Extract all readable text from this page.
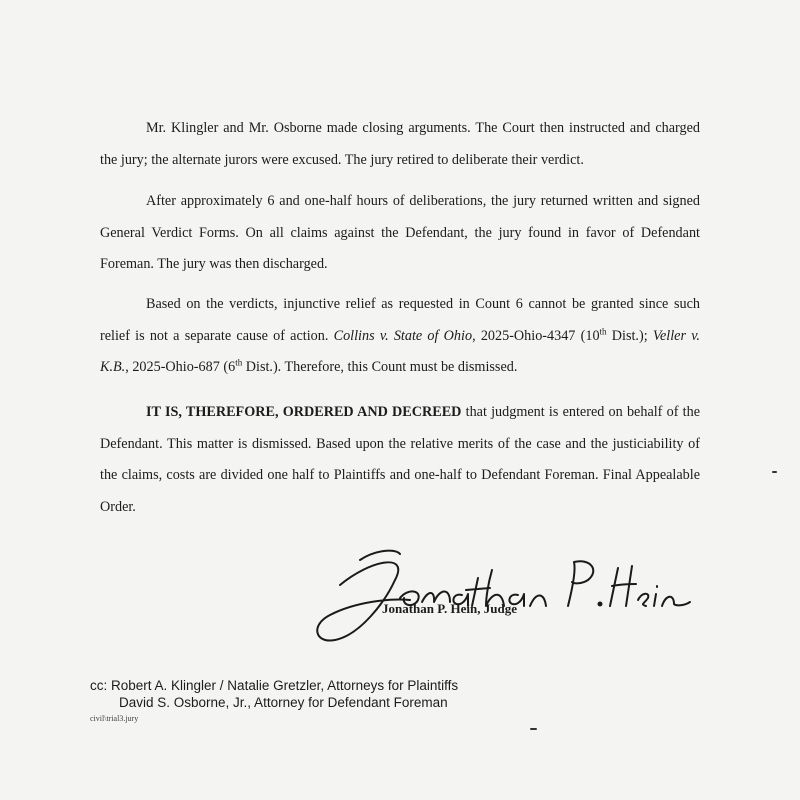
Mr. Klingler and Mr. Osborne made closing arguments. The Court then instructed and charged the jury; the alternate jurors were excused. The jury retired to deliberate their verdict.

After approximately 6 and one-half hours of deliberations, the jury returned written and signed General Verdict Forms. On all claims against the Defendant, the jury found in favor of Defendant Foreman. The jury was then discharged.

Based on the verdicts, injunctive relief as requested in Count 6 cannot be granted since such relief is not a separate cause of action. Collins v. State of Ohio, 2025-Ohio-4347 (10th Dist.); Veller v. K.B., 2025-Ohio-687 (6th Dist.). Therefore, this Count must be dismissed.

IT IS, THEREFORE, ORDERED AND DECREED that judgment is entered on behalf of the Defendant. This matter is dismissed. Based upon the relative merits of the case and the justiciability of the claims, costs are divided one half to Plaintiffs and one-half to Defendant Foreman. Final Appealable Order.

Jonathan P. Hein, Judge
cc: Robert A. Klingler / Natalie Gretzler, Attorneys for Plaintiffs
David S. Osborne, Jr., Attorney for Defendant Foreman
civil\trial3.jury
